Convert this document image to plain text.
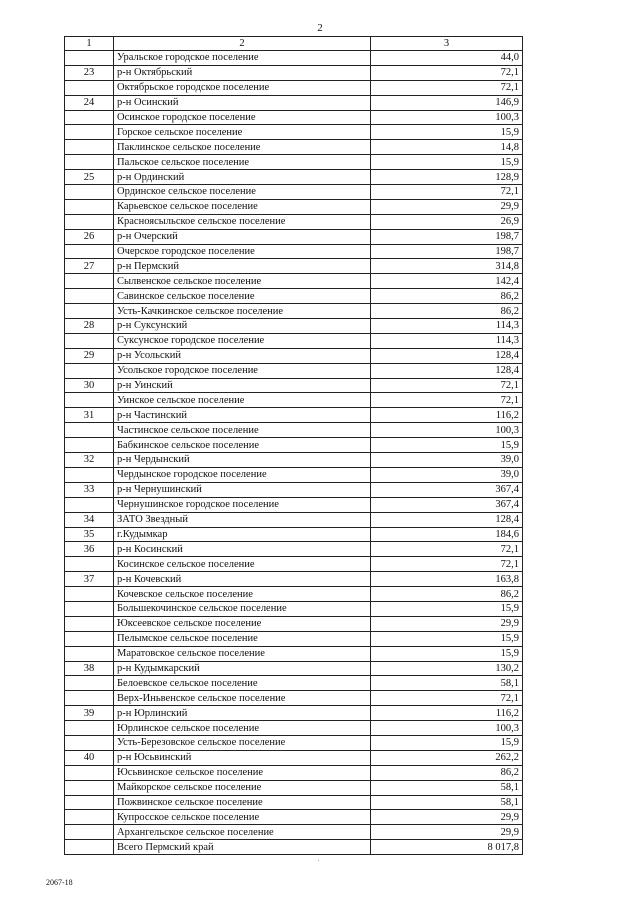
2
1	2	3
	Уральское городское поселение	44,0
23	р-н Октябрьский	72,1
	Октябрьское городское поселение	72,1
24	р-н Осинский	146,9
	Осинское городское поселение	100,3
	Горское сельское поселение	15,9
	Паклинское сельское поселение	14,8
	Пальское сельское поселение	15,9
25	р-н Ординский	128,9
	Ординское сельское поселение	72,1
	Карьевское сельское поселение	29,9
	Красноясыльское сельское поселение	26,9
26	р-н Очерский	198,7
	Очерское городское поселение	198,7
27	р-н Пермский	314,8
	Сылвенское сельское поселение	142,4
	Савинское сельское поселение	86,2
	Усть-Качкинское сельское поселение	86,2
28	р-н Суксунский	114,3
	Суксунское городское поселение	114,3
29	р-н Усольский	128,4
	Усольское городское поселение	128,4
30	р-н Уинский	72,1
	Уинское сельское поселение	72,1
31	р-н Частинский	116,2
	Частинское сельское поселение	100,3
	Бабкинское сельское поселение	15,9
32	р-н Чердынский	39,0
	Чердынское городское поселение	39,0
33	р-н Чернушинский	367,4
	Чернушинское городское поселение	367,4
34	ЗАТО Звездный	128,4
35	г.Кудымкар	184,6
36	р-н Косинский	72,1
	Косинское сельское поселение	72,1
37	р-н Кочевский	163,8
	Кочевское сельское поселение	86,2
	Большекочинское сельское поселение	15,9
	Юксеевское сельское поселение	29,9
	Пелымское сельское поселение	15,9
	Маратовское сельское поселение	15,9
38	р-н Кудымкарский	130,2
	Белоевское сельское поселение	58,1
	Верх-Иньвенское сельское поселение	72,1
39	р-н Юрлинский	116,2
	Юрлинское сельское поселение	100,3
	Усть-Березовское сельское поселение	15,9
40	р-н Юсьвинский	262,2
	Юсьвинское сельское поселение	86,2
	Майкорское сельское поселение	58,1
	Пожвинское сельское поселение	58,1
	Купросское сельское поселение	29,9
	Архангельское сельское поселение	29,9
	Всего Пермский край	8 017,8
2067-18
